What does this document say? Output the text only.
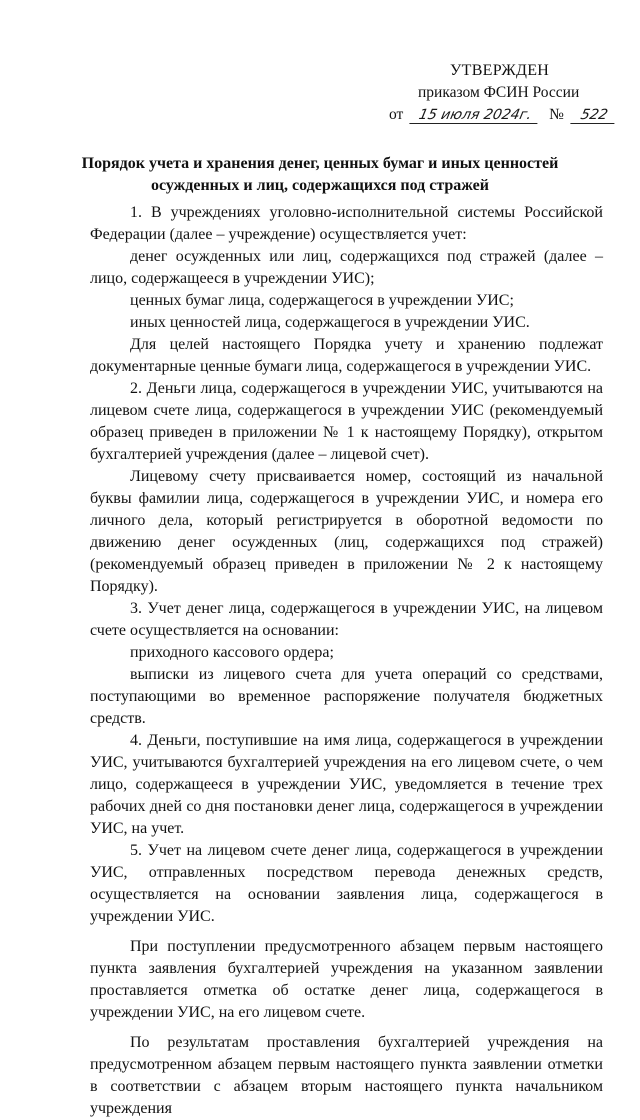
УТВЕРЖДЕН
приказом ФСИН России
от 15 июля 2024г. № 522
Порядок учета и хранения денег, ценных бумаг и иных ценностей
осужденных и лиц, содержащихся под стражей

1. В учреждениях уголовно-исполнительной системы Российской Федерации (далее – учреждение) осуществляется учет:

денег осужденных или лиц, содержащихся под стражей (далее – лицо, содержащееся в учреждении УИС);

ценных бумаг лица, содержащегося в учреждении УИС;

иных ценностей лица, содержащегося в учреждении УИС.

Для целей настоящего Порядка учету и хранению подлежат документарные ценные бумаги лица, содержащегося в учреждении УИС.

2. Деньги лица, содержащегося в учреждении УИС, учитываются на лицевом счете лица, содержащегося в учреждении УИС (рекомендуемый образец приведен в приложении № 1 к настоящему Порядку), открытом бухгалтерией учреждения (далее – лицевой счет).

Лицевому счету присваивается номер, состоящий из начальной буквы фамилии лица, содержащегося в учреждении УИС, и номера его личного дела, который регистрируется в оборотной ведомости по движению денег осужденных (лиц, содержащихся под стражей) (рекомендуемый образец приведен в приложении № 2 к настоящему Порядку).

3. Учет денег лица, содержащегося в учреждении УИС, на лицевом счете осуществляется на основании:

приходного кассового ордера;

выписки из лицевого счета для учета операций со средствами, поступающими во временное распоряжение получателя бюджетных средств.

4. Деньги, поступившие на имя лица, содержащегося в учреждении УИС, учитываются бухгалтерией учреждения на его лицевом счете, о чем лицо, содержащееся в учреждении УИС, уведомляется в течение трех рабочих дней со дня постановки денег лица, содержащегося в учреждении УИС, на учет.

5. Учет на лицевом счете денег лица, содержащегося в учреждении УИС, отправленных посредством перевода денежных средств, осуществляется на основании заявления лица, содержащегося в учреждении УИС.

При поступлении предусмотренного абзацем первым настоящего пункта заявления бухгалтерией учреждения на указанном заявлении проставляется отметка об остатке денег лица, содержащегося в учреждении УИС, на его лицевом счете.

По результатам проставления бухгалтерией учреждения на предусмотренном абзацем первым настоящего пункта заявлении отметки в соответствии с абзацем вторым настоящего пункта начальником учреждения
